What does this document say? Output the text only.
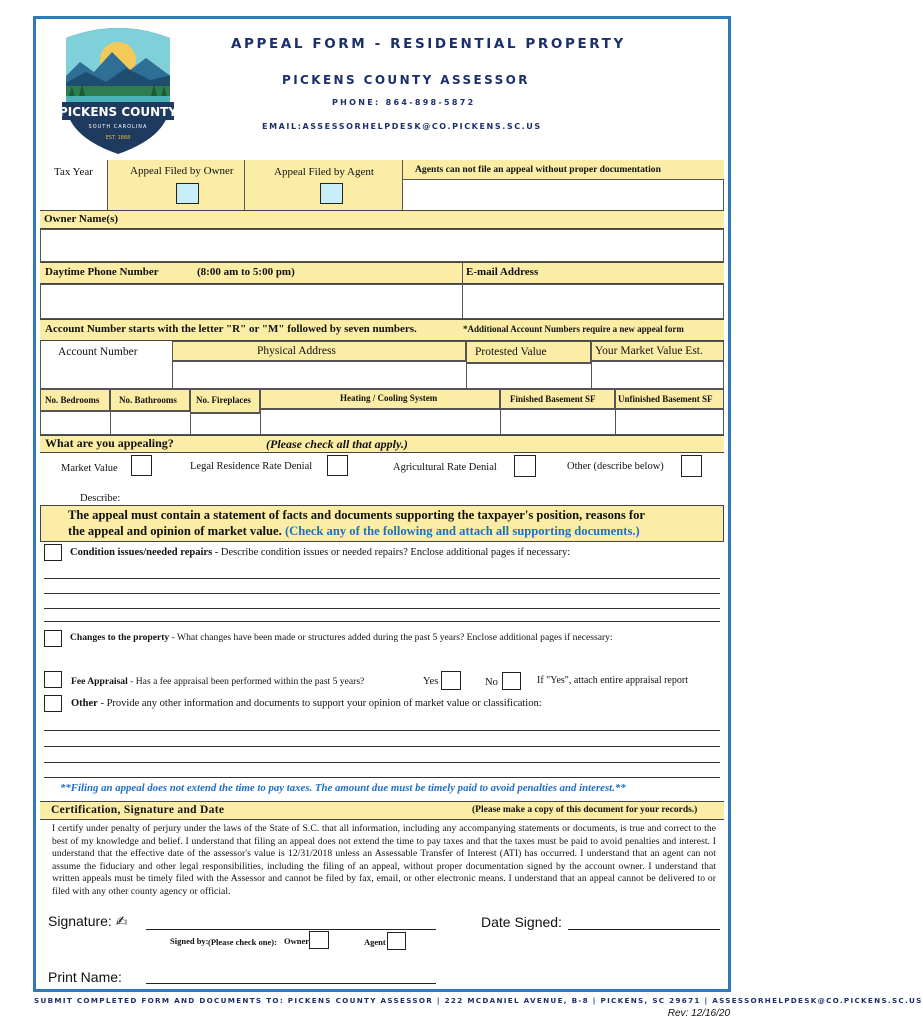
PICKENS COUNTY
SOUTH CAROLINA
EST. 1868
APPEAL FORM - RESIDENTIAL PROPERTY
PICKENS COUNTY ASSESSOR
PHONE: 864-898-5872
EMAIL:ASSESSORHELPDESK@CO.PICKENS.SC.US
Tax Year	Appeal Filed by Owner	Appeal Filed by Agent	Agents can not file an appeal without proper documentation
Owner Name(s)
Daytime Phone Number	(8:00 am to 5:00 pm)	E-mail Address
Account Number starts with the letter "R" or "M" followed by seven numbers.	*Additional Account Numbers require a new appeal form
Account Number	Physical Address	Protested Value	Your Market Value Est.
No. Bedrooms No. Bathrooms No. Fireplaces	Heating / Cooling System	Finished Basement SF Unfinished Basement SF
What are you appealing?	(Please check all that apply.)
Market Value	Legal Residence Rate Denial	Agricultural Rate Denial	Other (describe below)
Describe:
The appeal must contain a statement of facts and documents supporting the taxpayer's position, reasons for
the appeal and opinion of market value. (Check any of the following and attach all supporting documents.)
Condition issues/needed repairs - Describe condition issues or needed repairs? Enclose additional pages if necessary:
Changes to the property - What changes have been made or structures added during the past 5 years? Enclose additional pages if necessary:
Fee Appraisal - Has a fee appraisal been performed within the past 5 years?	Yes	No	If "Yes", attach entire appraisal report
Other - Provide any other information and documents to support your opinion of market value or classification:
**Filing an appeal does not extend the time to pay taxes. The amount due must be timely paid to avoid penalties and interest.**
Certification, Signature and Date	(Please make a copy of this document for your records.)
I certify under penalty of perjury under the laws of the State of S.C. that all information, including any accompanying statements or documents, is true and correct to the best of my knowledge and belief. I understand that filing an appeal does not extend the time to pay taxes and that the taxes must be paid to avoid penalties and interest. I understand that the effective date of the assessor's value is 12/31/2018 unless an Assessable Transfer of Interest (ATI) has occurred. I understand that an agent can not assume the fiduciary and other legal responsibilities, including the filing of an appeal, without proper documentation signed by the account owner. I understand that written appeals must be timely filed with the Assessor and cannot be filed by fax, email, or other electronic means. I understand that an appeal cannot be delivered to or filed with any other county agency or official.
Signature: ✍	Date Signed:
Signed by: (Please check one): Owner	Agent
Print Name:
SUBMIT COMPLETED FORM AND DOCUMENTS TO: PICKENS COUNTY ASSESSOR | 222 MCDANIEL AVENUE, B-8 | PICKENS, SC 29671 | ASSESSORHELPDESK@CO.PICKENS.SC.US
Rev: 12/16/20
